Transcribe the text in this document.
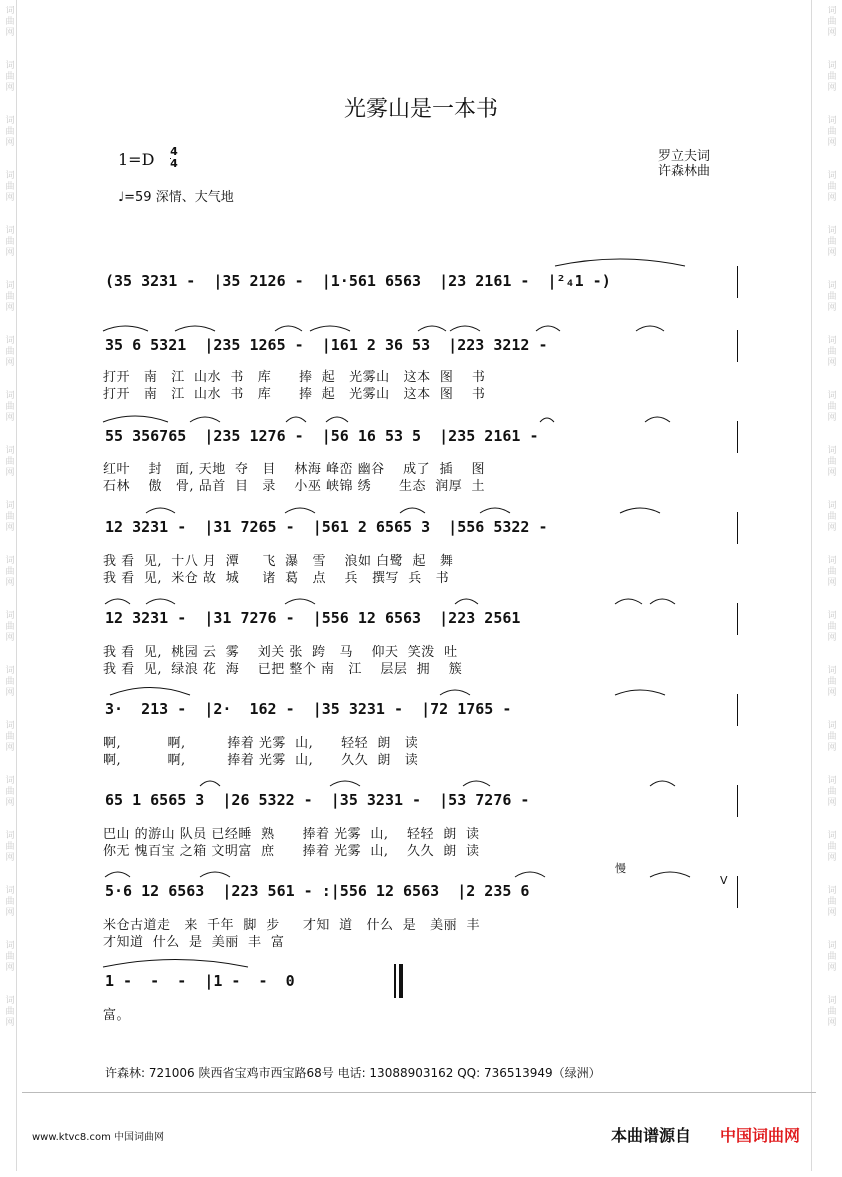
词
曲
网

词
曲
网

词
曲
网

词
曲
网

词
曲
网

词
曲
网

词
曲
网

词
曲
网

词
曲
网

词
曲
网

词
曲
网

词
曲
网

词
曲
网

词
曲
网

词
曲
网

词
曲
网

词
曲
网

词
曲
网

词
曲
网
词
曲
网

词
曲
网

词
曲
网

词
曲
网

词
曲
网

词
曲
网

词
曲
网

词
曲
网

词
曲
网

词
曲
网

词
曲
网

词
曲
网

词
曲
网

词
曲
网

词
曲
网

词
曲
网

词
曲
网

词
曲
网

词
曲
网
光雾山是一本书
1=D 4
4
♩=59 深情、大气地
罗立夫词
许森林曲
(35 3231 -  |35 2126 -  |1·561 6563  |23 2161 -  |²₄1 -)
35 6 5321  |235 1265 -  |161 2 36 53  |223 3212 -
打开   南   江  山水  书   库      捧  起   光雾山   这本  图    书
打开   南   江  山水  书   库      捧  起   光雾山   这本  图    书
55 356765  |235 1276 -  |56 16 53 5  |235 2161 -
红叶    封   面, 天地  夺   目    林海 峰峦 幽谷    成了  插    图
石林    傲   骨, 品首  目   录    小巫 峡锦 绣      生态  润厚  土
12 3231 -  |31 7265 -  |561 2 6565 3  |556 5322 -
我 看  见,  十八 月  潭     飞  瀑   雪    浪如 白鹭  起   舞
我 看  见,  米仓 故  城     诸  葛   点    兵   撰写  兵   书
12 3231 -  |31 7276 -  |556 12 6563  |223 2561
我 看  见,  桃园 云  雾    刘关 张  跨   马    仰天  笑泼  吐
我 看  见,  绿浪 花  海    已把 整个 南   江    层层  拥    簇
3·  213 -  |2·  162 -  |35 3231 -  |72 1765 -
啊,          啊,         捧着 光雾  山,      轻轻  朗   读
啊,          啊,         捧着 光雾  山,      久久  朗   读
65 1 6565 3  |26 5322 -  |35 3231 -  |53 7276 -
巴山 的游山 队员 已经睡  熟      捧着 光雾  山,    轻轻  朗  读
你无 愧百宝 之箱 文明富  庶      捧着 光雾  山,    久久  朗  读
5·6 12 6563  |223 561 - :|556 12 6563  |2 235 6
V
慢
米仓古道走   来  千年  脚  步     才知  道   什么  是   美丽  丰
才知道  什么  是  美丽  丰  富
1 -  -  -  |1 -  -  0
富。
许森林: 721006 陕西省宝鸡市西宝路68号 电话: 13088903162 QQ: 736513949（绿洲）
www.ktvc8.com 中国词曲网	本曲谱源自 中国词曲网
